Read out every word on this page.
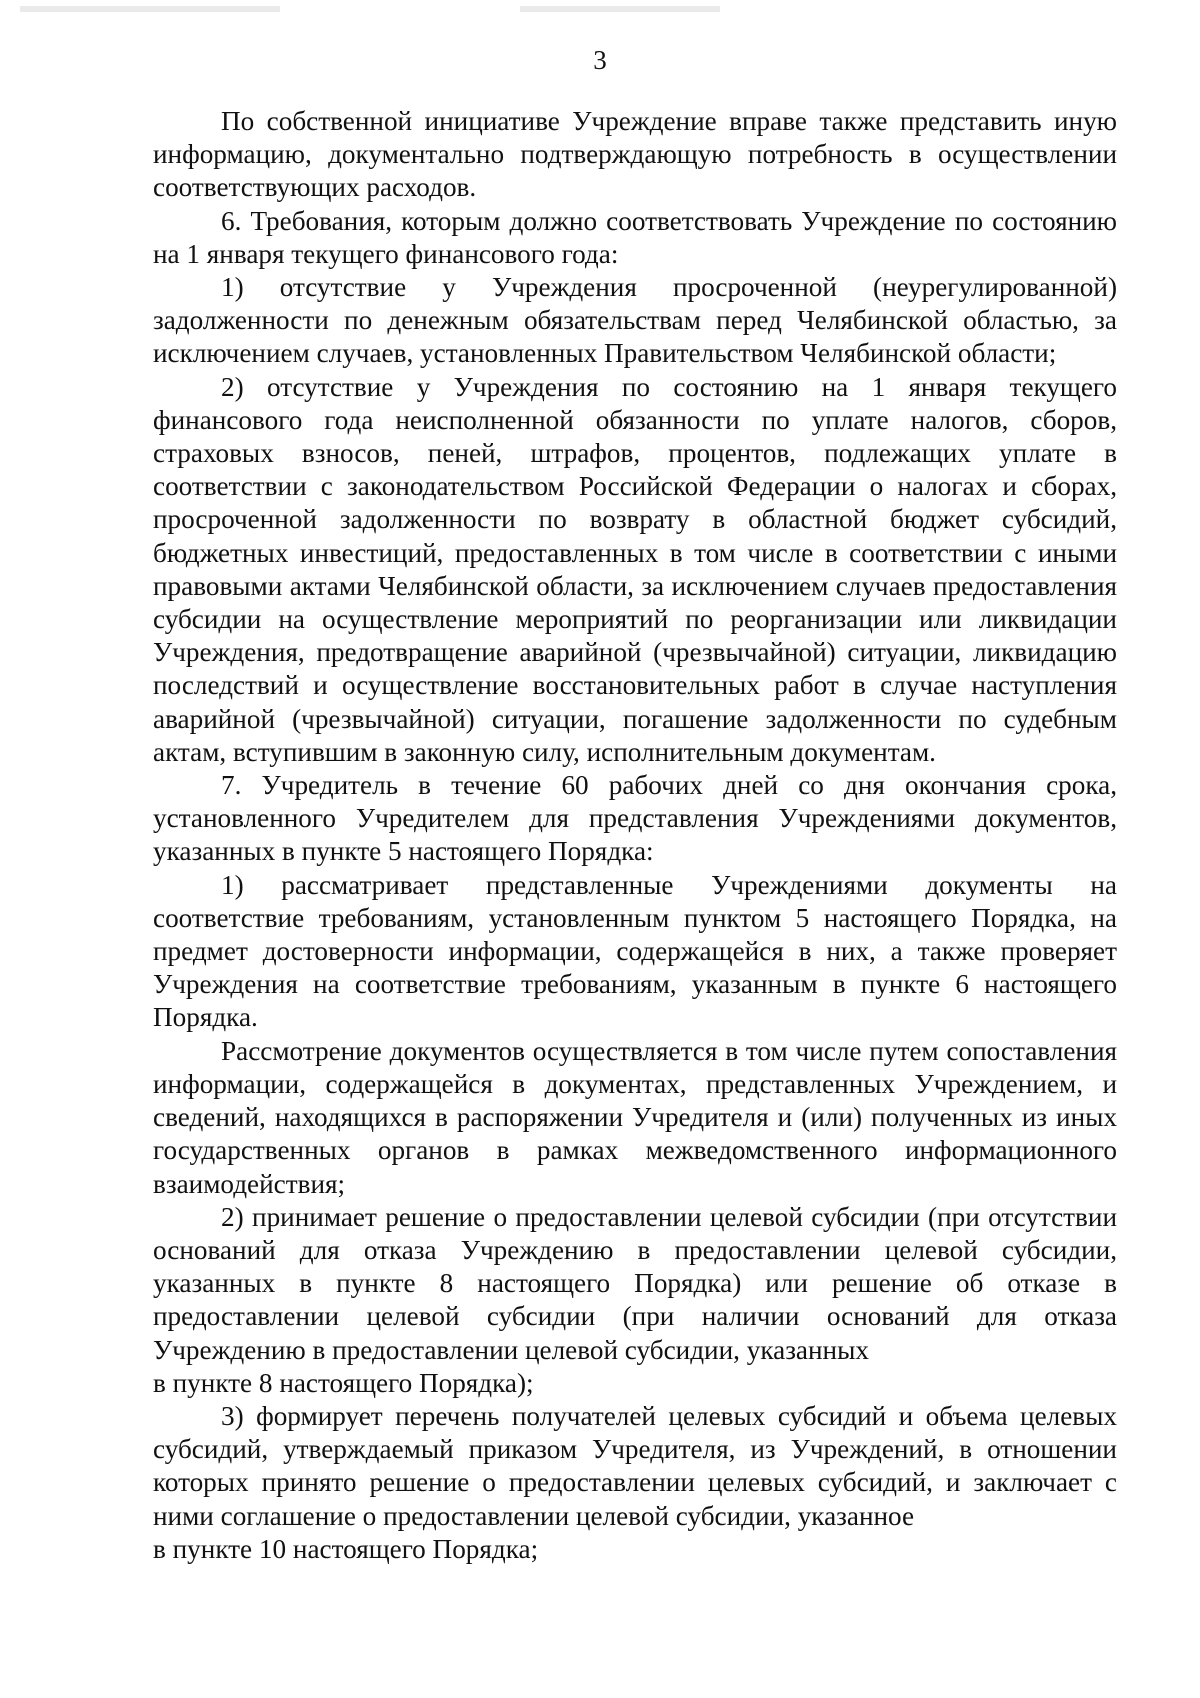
3

По собственной инициативе Учреждение вправе также представить иную информацию, документально подтверждающую потребность в осуществлении соответствующих расходов.

6. Требования, которым должно соответствовать Учреждение по состоянию на 1 января текущего финансового года:

1) отсутствие у Учреждения просроченной (неурегулированной) задолженности по денежным обязательствам перед Челябинской областью, за исключением случаев, установленных Правительством Челябинской области;

2) отсутствие у Учреждения по состоянию на 1 января текущего финансового года неисполненной обязанности по уплате налогов, сборов, страховых взносов, пеней, штрафов, процентов, подлежащих уплате в соответствии с законодательством Российской Федерации о налогах и сборах, просроченной задолженности по возврату в областной бюджет субсидий, бюджетных инвестиций, предоставленных в том числе в соответствии с иными правовыми актами Челябинской области, за исключением случаев предоставления субсидии на осуществление мероприятий по реорганизации или ликвидации Учреждения, предотвращение аварийной (чрезвычайной) ситуации, ликвидацию последствий и осуществление восстановительных работ в случае наступления аварийной (чрезвычайной) ситуации, погашение задолженности по судебным актам, вступившим в законную силу, исполнительным документам.

7. Учредитель в течение 60 рабочих дней со дня окончания срока, установленного Учредителем для представления Учреждениями документов, указанных в пункте 5 настоящего Порядка:

1) рассматривает представленные Учреждениями документы на соответствие требованиям, установленным пунктом 5 настоящего Порядка, на предмет достоверности информации, содержащейся в них, а также проверяет Учреждения на соответствие требованиям, указанным в пункте 6 настоящего Порядка.

Рассмотрение документов осуществляется в том числе путем сопоставления информации, содержащейся в документах, представленных Учреждением, и сведений, находящихся в распоряжении Учредителя и (или) полученных из иных государственных органов в рамках межведомственного информационного взаимодействия;

2) принимает решение о предоставлении целевой субсидии (при отсутствии оснований для отказа Учреждению в предоставлении целевой субсидии, указанных в пункте 8 настоящего Порядка) или решение об отказе в предоставлении целевой субсидии (при наличии оснований для отказа Учреждению в предоставлении целевой субсидии, указанных

в пункте 8 настоящего Порядка);

3) формирует перечень получателей целевых субсидий и объема целевых субсидий, утверждаемый приказом Учредителя, из Учреждений, в отношении которых принято решение о предоставлении целевых субсидий, и заключает с ними соглашение о предоставлении целевой субсидии, указанное

в пункте 10 настоящего Порядка;
